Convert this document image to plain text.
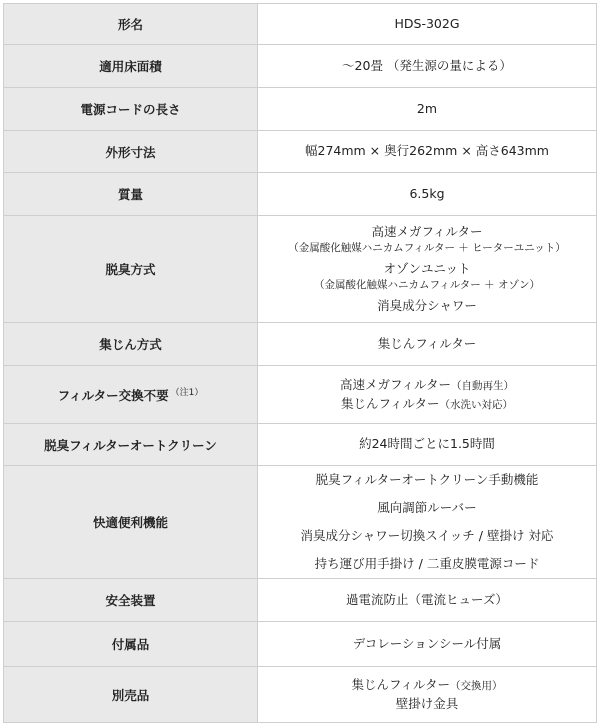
形名	HDS-302G
適用床面積	～20畳 （発生源の量による）
電源コードの長さ	2m
外形寸法	幅274mm × 奥行262mm × 高さ643mm
質量	6.5kg
脱臭方式	高速メガフィルター
（金属酸化触媒ハニカムフィルター ＋ ヒーターユニット）
オゾンユニット
（金属酸化触媒ハニカムフィルター ＋ オゾン）
消臭成分シャワー

集じん方式	集じんフィルター
フィルター交換不要 $^{(注1)}$	高速メガフィルター（自動再生）
集じんフィルター（水洗い対応）

脱臭フィルターオートクリーン	約24時間ごとに1.5時間
快適便利機能	脱臭フィルターオートクリーン手動機能
風向調節ルーバー
消臭成分シャワー切換スイッチ / 壁掛け 対応
持ち運び用手掛け / 二重皮膜電源コード

安全装置	過電流防止（電流ヒューズ）
付属品	デコレーションシール付属
別売品	集じんフィルター（交換用）
壁掛け金具
